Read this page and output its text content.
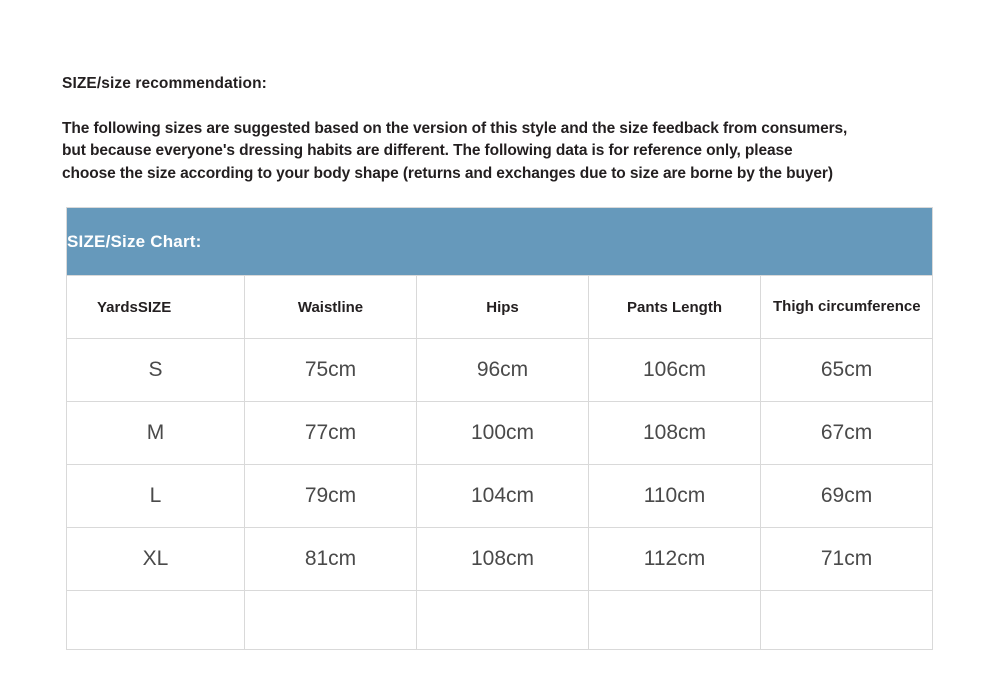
SIZE/size recommendation:
The following sizes are suggested based on the version of this style and the size feedback from consumers,
but because everyone's dressing habits are different. The following data is for reference only, please
choose the size according to your body shape (returns and exchanges due to size are borne by the buyer)
SIZE/Size Chart:				
YardsSIZE	Waistline	Hips	Pants Length	Thigh circumference
S	75cm	96cm	106cm	65cm
M	77cm	100cm	108cm	67cm
L	79cm	104cm	110cm	69cm
XL	81cm	108cm	112cm	71cm
